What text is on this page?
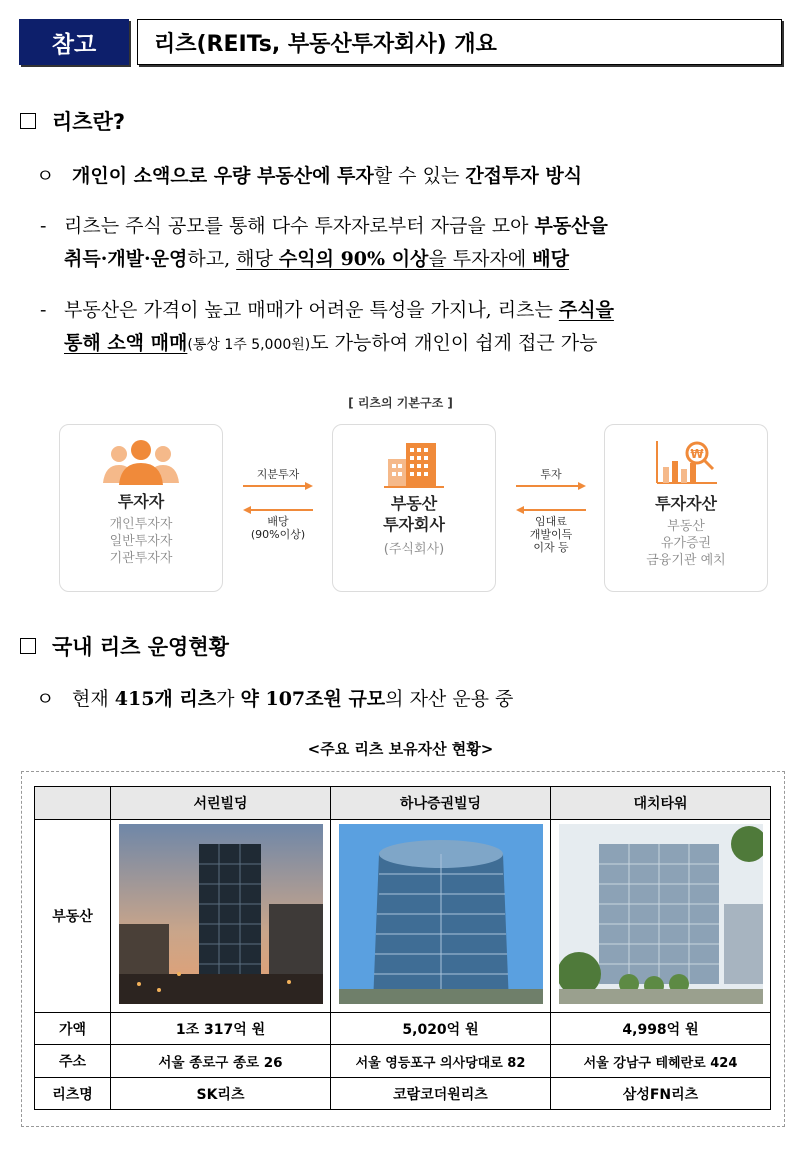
참고	리츠(REITs, 부동산투자회사) 개요
리츠란?
ㅇ 개인이 소액으로 우량 부동산에 투자할 수 있는 간접투자 방식
- 리츠는 주식 공모를 통해 다수 투자자로부터 자금을 모아 부동산을
취득·개발·운영하고, 해당 수익의 90% 이상을 투자자에 배당
- 부동산은 가격이 높고 매매가 어려운 특성을 가지나, 리츠는 주식을
통해 소액 매매(통상 1주 5,000원)도 가능하여 개인이 쉽게 접근 가능
[ 리츠의 기본구조 ]
투자자
개인투자자
일반투자자
기관투자자
지분투자
배당
(90%이상)
부동산
투자회사
(주식회사)
투자
임대료
개발이득
이자 등
₩
투자자산
부동산
유가증권
금융기관 예치
국내 리츠 운영현황
ㅇ 현재 415개 리츠가 약 107조원 규모의 자산 운용 중
<주요 리츠 보유자산 현황>
	서린빌딩	하나증권빌딩	대치타워
부동산			
가액	1조 317억 원	5,020억 원	4,998억 원
주소	서울 종로구 종로 26	서울 영등포구 의사당대로 82	서울 강남구 테헤란로 424
리츠명	SK리츠	코람코더원리츠	삼성FN리츠
